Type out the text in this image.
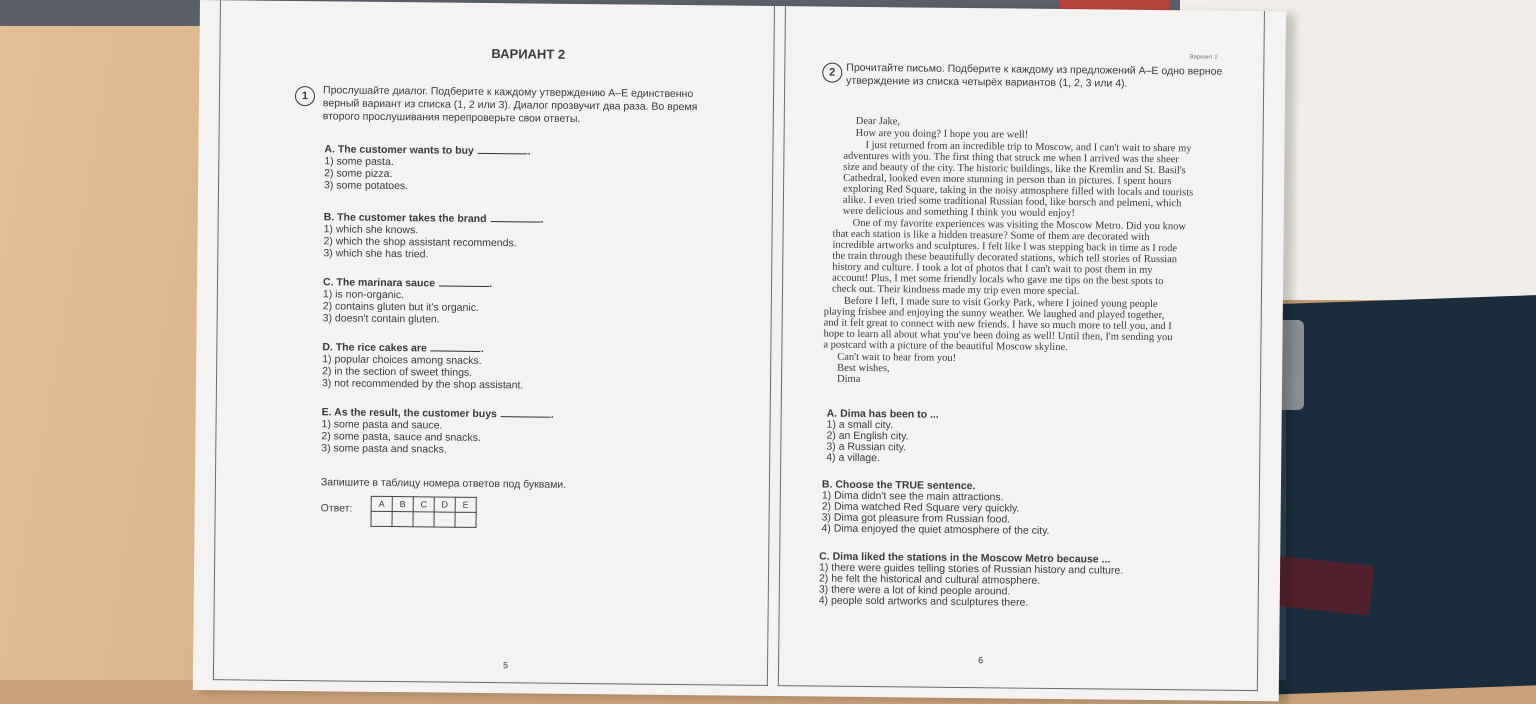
ВАРИАНТ 2
1	Прослушайте диалог. Подберите к каждому утверждению A–E единственно
верный вариант из списка (1, 2 или 3). Диалог прозвучит два раза. Во время
второго прослушивания перепроверьте свои ответы.
A. The customer wants to buy	.
1) some pasta.
2) some pizza.
3) some potatoes.
B. The customer takes the brand	.
1) which she knows.
2) which the shop assistant recommends.
3) which she has tried.
C. The marinara sauce	.
1) is non-organic.
2) contains gluten but it's organic.
3) doesn't contain gluten.
D. The rice cakes are	.
1) popular choices among snacks.
2) in the section of sweet things.
3) not recommended by the shop assistant.
E. As the result, the customer buys	.
1) some pasta and sauce.
2) some pasta, sauce and snacks.
3) some pasta and snacks.
Запишите в таблицу номера ответов под буквами.
Ответ:	A	B	C	D	E

5
Вариант 2
2	Прочитайте письмо. Подберите к каждому из предложений A–E одно верное
утверждение из списка четырёх вариантов (1, 2, 3 или 4).
Dear Jake,
How are you doing? I hope you are well!
I just returned from an incredible trip to Moscow, and I can't wait to share my
adventures with you. The first thing that struck me when I arrived was the sheer
size and beauty of the city. The historic buildings, like the Kremlin and St. Basil's
Cathedral, looked even more stunning in person than in pictures. I spent hours
exploring Red Square, taking in the noisy atmosphere filled with locals and tourists
alike. I even tried some traditional Russian food, like borsch and pelmeni, which
were delicious and something I think you would enjoy!
One of my favorite experiences was visiting the Moscow Metro. Did you know
that each station is like a hidden treasure? Some of them are decorated with
incredible artworks and sculptures. I felt like I was stepping back in time as I rode
the train through these beautifully decorated stations, which tell stories of Russian
history and culture. I took a lot of photos that I can't wait to post them in my
account! Plus, I met some friendly locals who gave me tips on the best spots to
check out. Their kindness made my trip even more special.
Before I left, I made sure to visit Gorky Park, where I joined young people
playing frisbee and enjoying the sunny weather. We laughed and played together,
and it felt great to connect with new friends. I have so much more to tell you, and I
hope to learn all about what you've been doing as well! Until then, I'm sending you
a postcard with a picture of the beautiful Moscow skyline.
Can't wait to hear from you!
Best wishes,
Dima
A. Dima has been to ...
1) a small city.
2) an English city.
3) a Russian city.
4) a village.
B. Choose the TRUE sentence.
1) Dima didn't see the main attractions.
2) Dima watched Red Square very quickly.
3) Dima got pleasure from Russian food.
4) Dima enjoyed the quiet atmosphere of the city.
C. Dima liked the stations in the Moscow Metro because ...
1) there were guides telling stories of Russian history and culture.
2) he felt the historical and cultural atmosphere.
3) there were a lot of kind people around.
4) people sold artworks and sculptures there.
6
